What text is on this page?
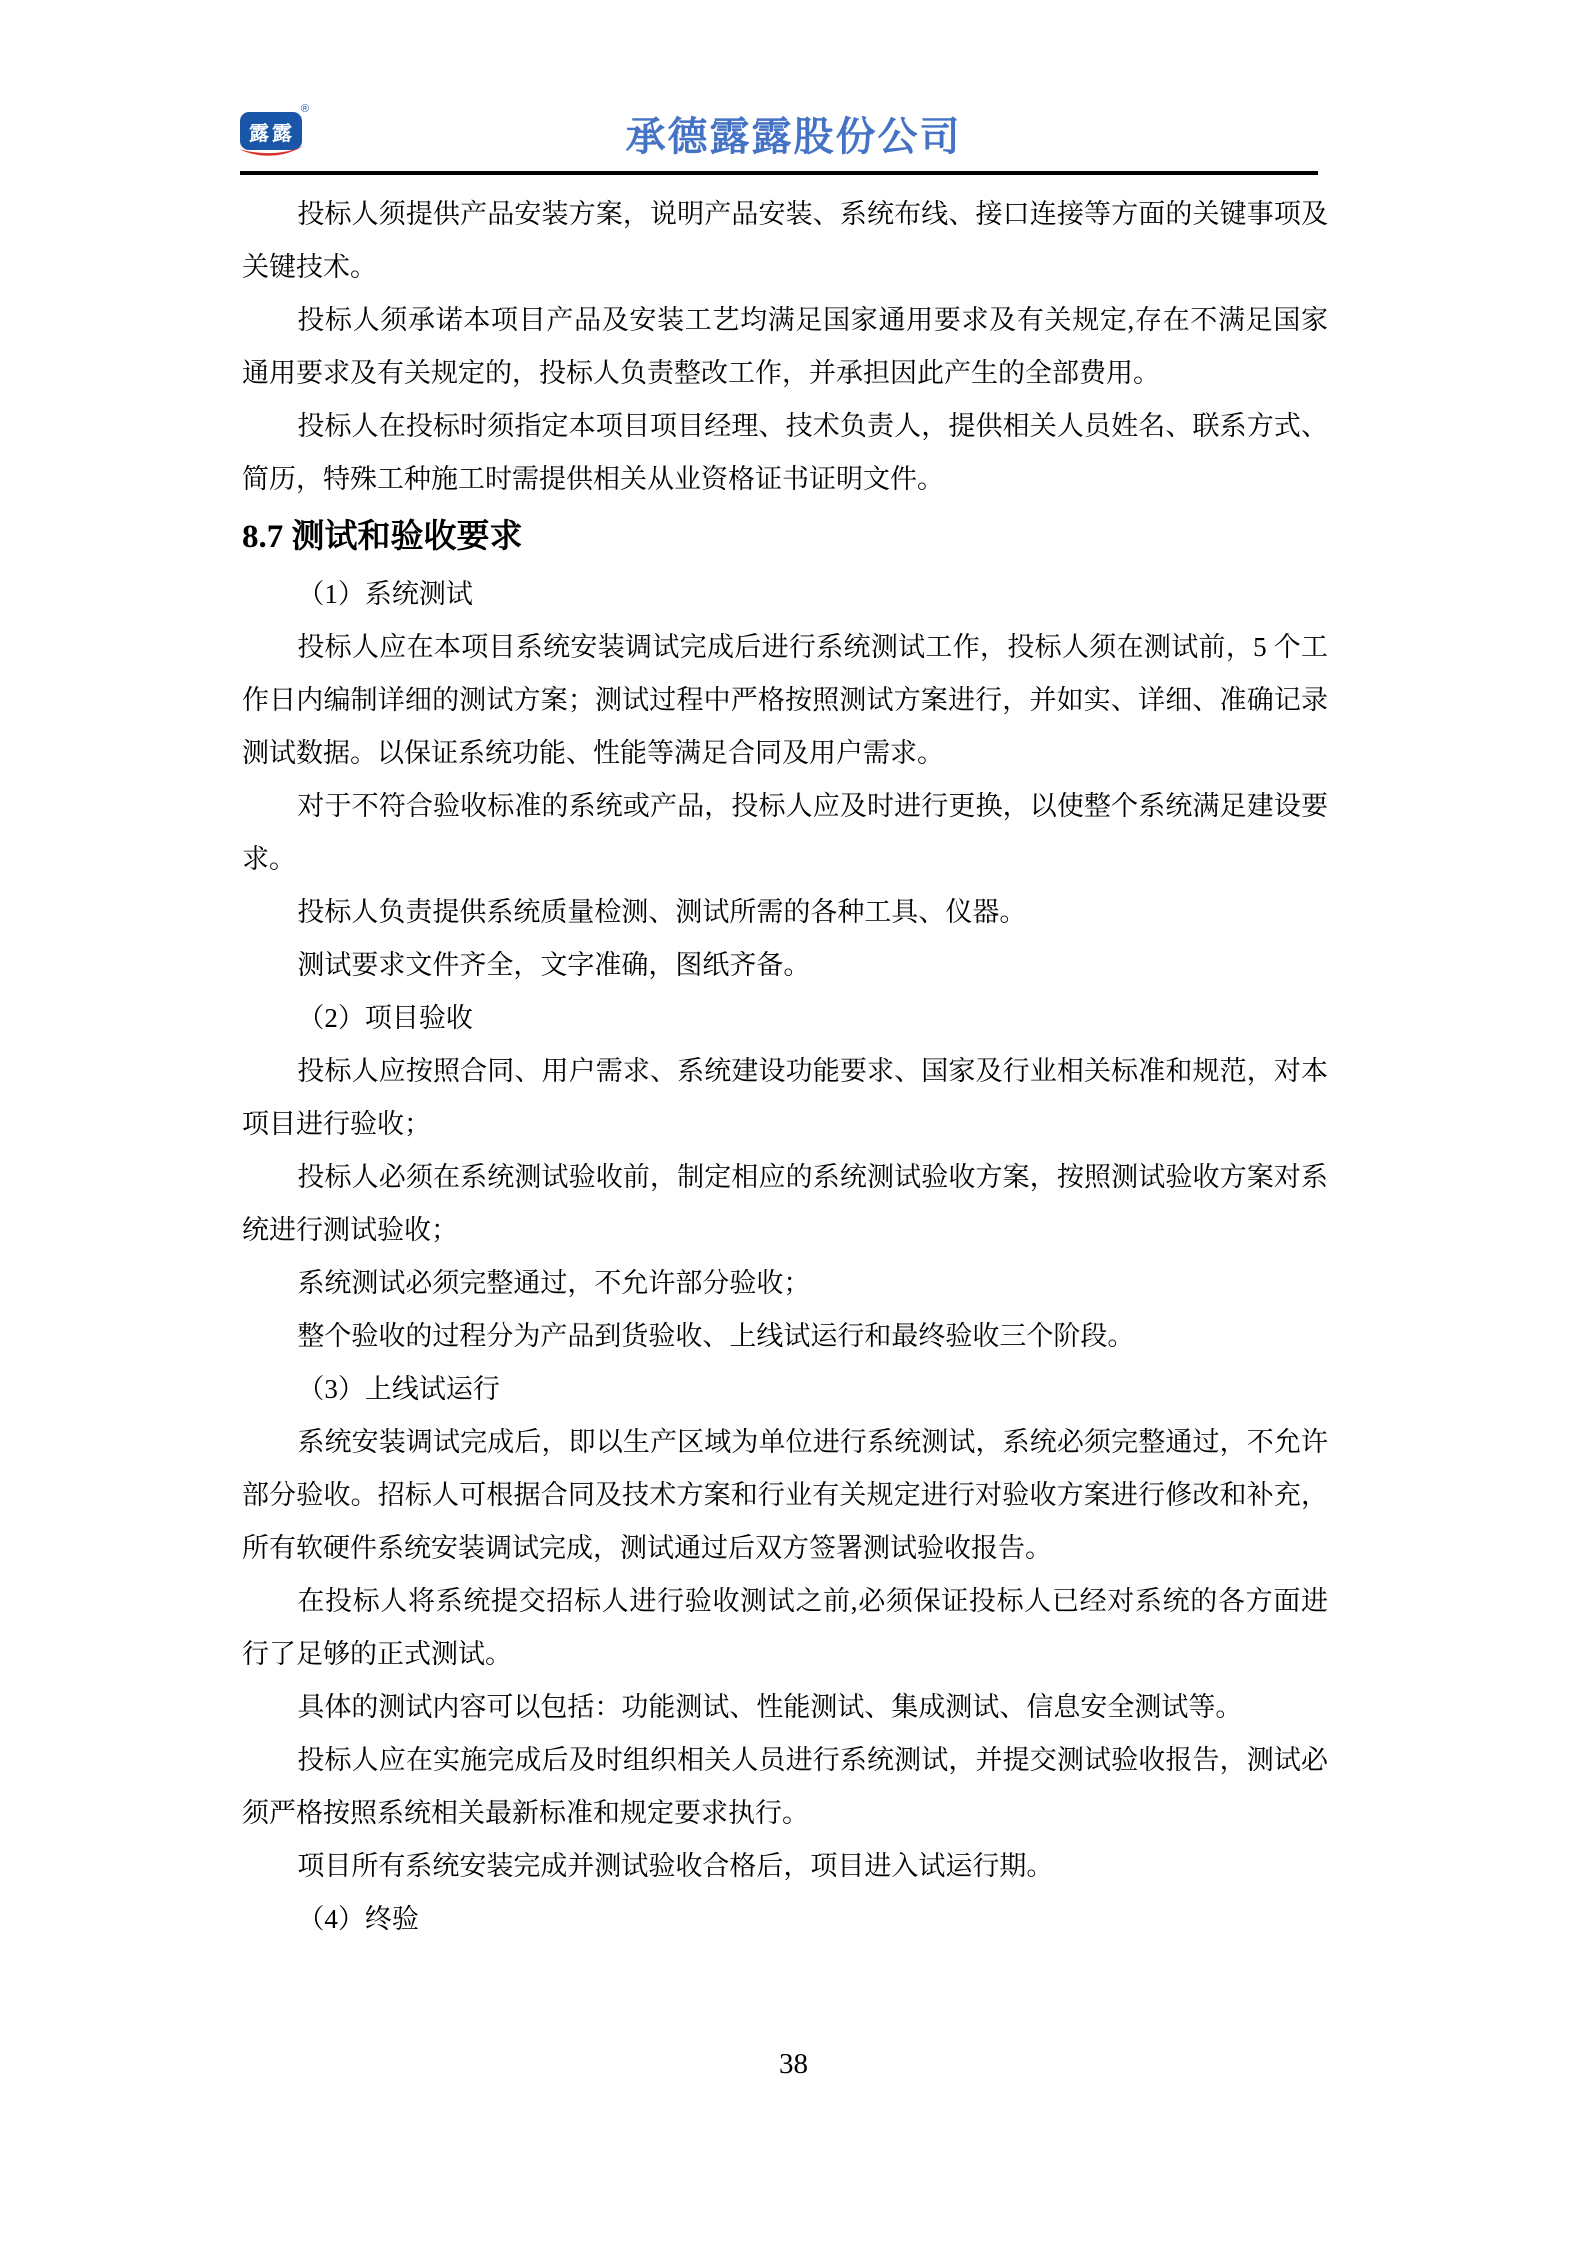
露露
®
承德露露股份公司

投标人须提供产品安装方案，说明产品安装、系统布线、接口连接等方面的关键事项及关键技术。

投标人须承诺本项目产品及安装工艺均满足国家通用要求及有关规定,存在不满足国家通用要求及有关规定的，投标人负责整改工作，并承担因此产生的全部费用。

投标人在投标时须指定本项目项目经理、技术负责人，提供相关人员姓名、联系方式、简历，特殊工种施工时需提供相关从业资格证书证明文件。

8.7 测试和验收要求

（1）系统测试

投标人应在本项目系统安装调试完成后进行系统测试工作，投标人须在测试前，5 个工作日内编制详细的测试方案；测试过程中严格按照测试方案进行，并如实、详细、准确记录测试数据。以保证系统功能、性能等满足合同及用户需求。

对于不符合验收标准的系统或产品，投标人应及时进行更换，以使整个系统满足建设要求。

投标人负责提供系统质量检测、测试所需的各种工具、仪器。

测试要求文件齐全，文字准确，图纸齐备。

（2）项目验收

投标人应按照合同、用户需求、系统建设功能要求、国家及行业相关标准和规范，对本项目进行验收；

投标人必须在系统测试验收前，制定相应的系统测试验收方案，按照测试验收方案对系统进行测试验收；

系统测试必须完整通过，不允许部分验收；

整个验收的过程分为产品到货验收、上线试运行和最终验收三个阶段。

（3）上线试运行

系统安装调试完成后，即以生产区域为单位进行系统测试，系统必须完整通过，不允许部分验收。招标人可根据合同及技术方案和行业有关规定进行对验收方案进行修改和补充，所有软硬件系统安装调试完成，测试通过后双方签署测试验收报告。

在投标人将系统提交招标人进行验收测试之前,必须保证投标人已经对系统的各方面进行了足够的正式测试。

具体的测试内容可以包括：功能测试、性能测试、集成测试、信息安全测试等。

投标人应在实施完成后及时组织相关人员进行系统测试，并提交测试验收报告，测试必须严格按照系统相关最新标准和规定要求执行。

项目所有系统安装完成并测试验收合格后，项目进入试运行期。

（4）终验

38
